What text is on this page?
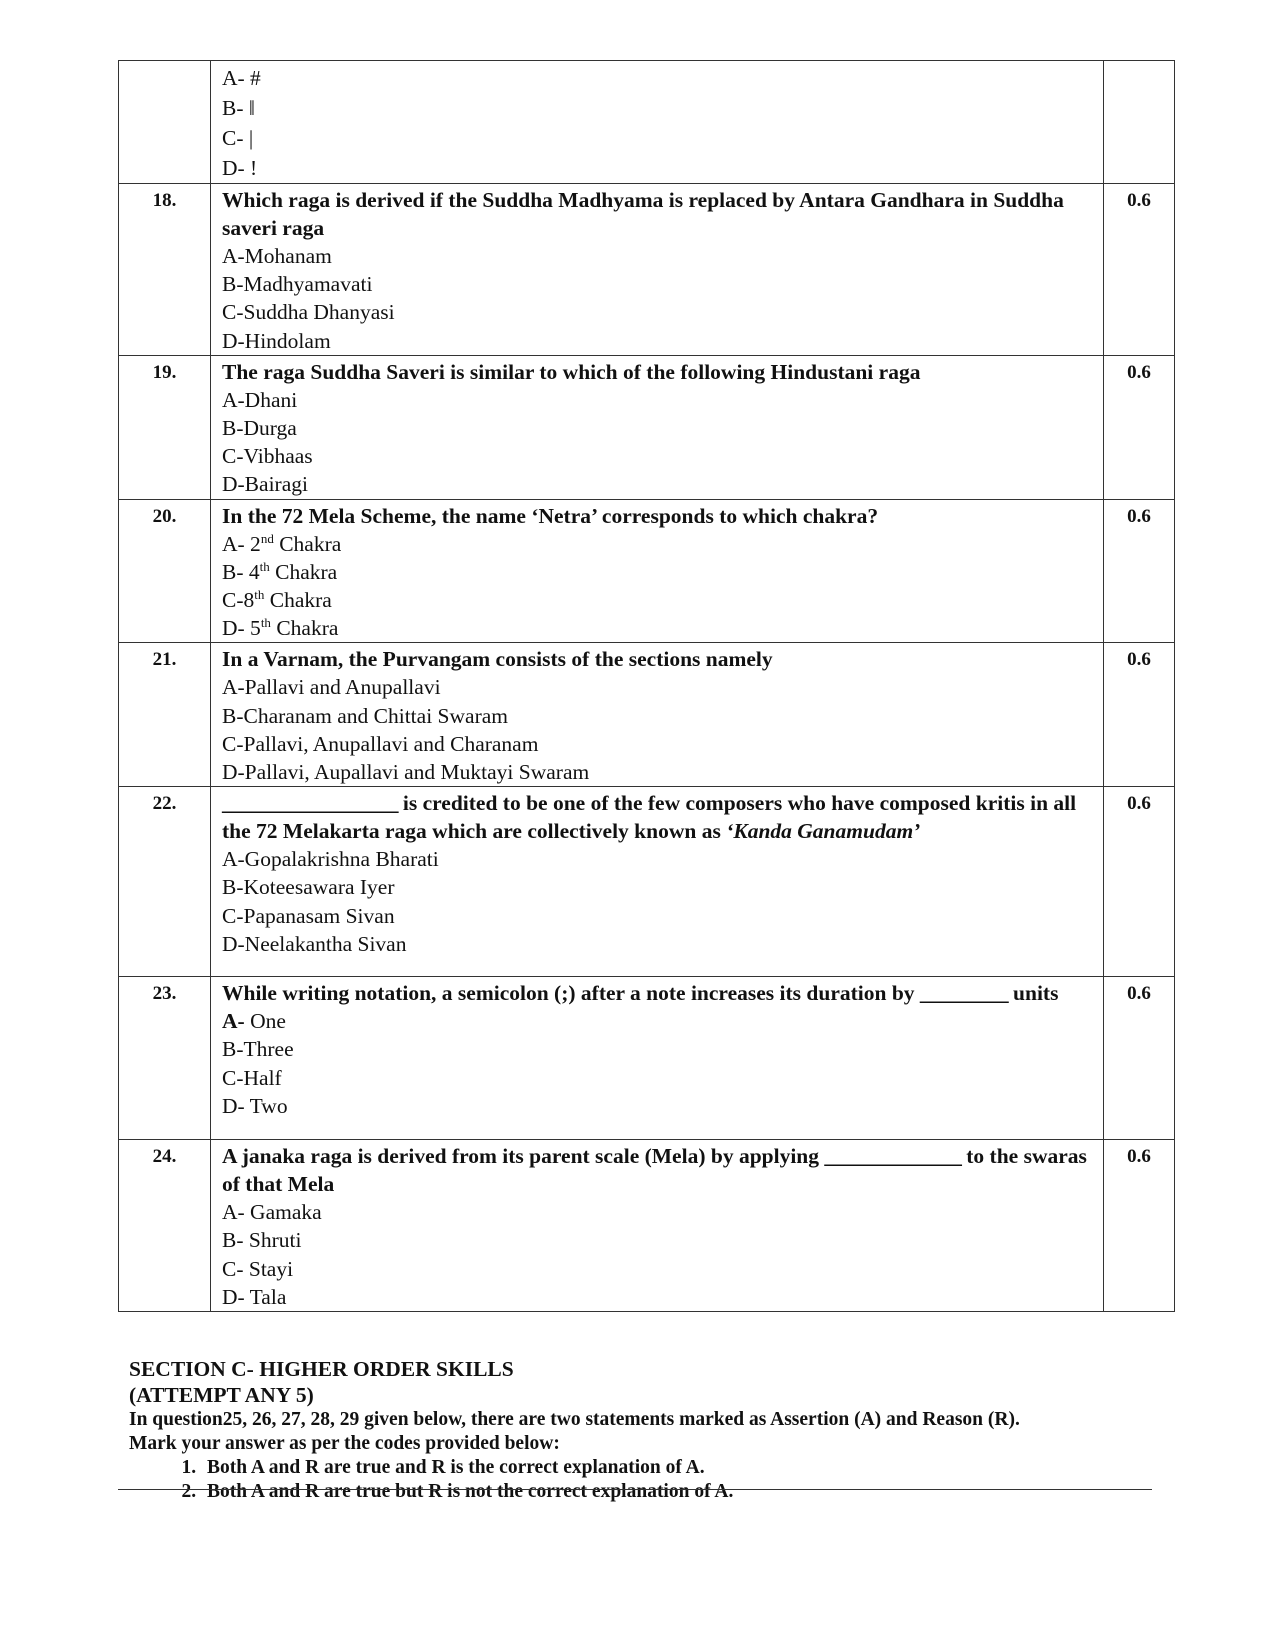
	A- #
B- ‖
C- |
D- !	

18.	Which raga is derived if the Suddha Madhyama is replaced by Antara Gandhara in Suddha saveri raga
A-Mohanam
B-Madhyamavati
C-Suddha Dhanyasi
D-Hindolam	0.6
19.	The raga Suddha Saveri is similar to which of the following Hindustani raga
A-Dhani
B-Durga
C-Vibhaas
D-Bairagi	0.6
20.	In the 72 Mela Scheme, the name ‘Netra’ corresponds to which chakra?
A- 2nd Chakra
B- 4th Chakra
C-8th Chakra
D- 5th Chakra	0.6
21.	In a Varnam, the Purvangam consists of the sections namely
A-Pallavi and Anupallavi
B-Charanam and Chittai Swaram
C-Pallavi, Anupallavi and Charanam
D-Pallavi, Aupallavi and Muktayi Swaram	0.6
22.	__________________ is credited to be one of the few composers who have composed kritis in all the 72 Melakarta raga which are collectively known as ‘Kanda Ganamudam’
A-Gopalakrishna Bharati
B-Koteesawara Iyer
C-Papanasam Sivan
D-Neelakantha Sivan	0.6
23.	While writing notation, a semicolon (;) after a note increases its duration by _________ units
A- One
B-Three
C-Half
D- Two	0.6
24.	A janaka raga is derived from its parent scale (Mela) by applying ______________ to the swaras of that Mela
A- Gamaka
B- Shruti
C- Stayi
D- Tala	0.6
SECTION C- HIGHER ORDER SKILLS
(ATTEMPT ANY 5)
In question25, 26, 27, 28, 29 given below, there are two statements marked as Assertion (A) and Reason (R).
Mark your answer as per the codes provided below:
1. Both A and R are true and R is the correct explanation of A.
2. Both A and R are true but R is not the correct explanation of A.
